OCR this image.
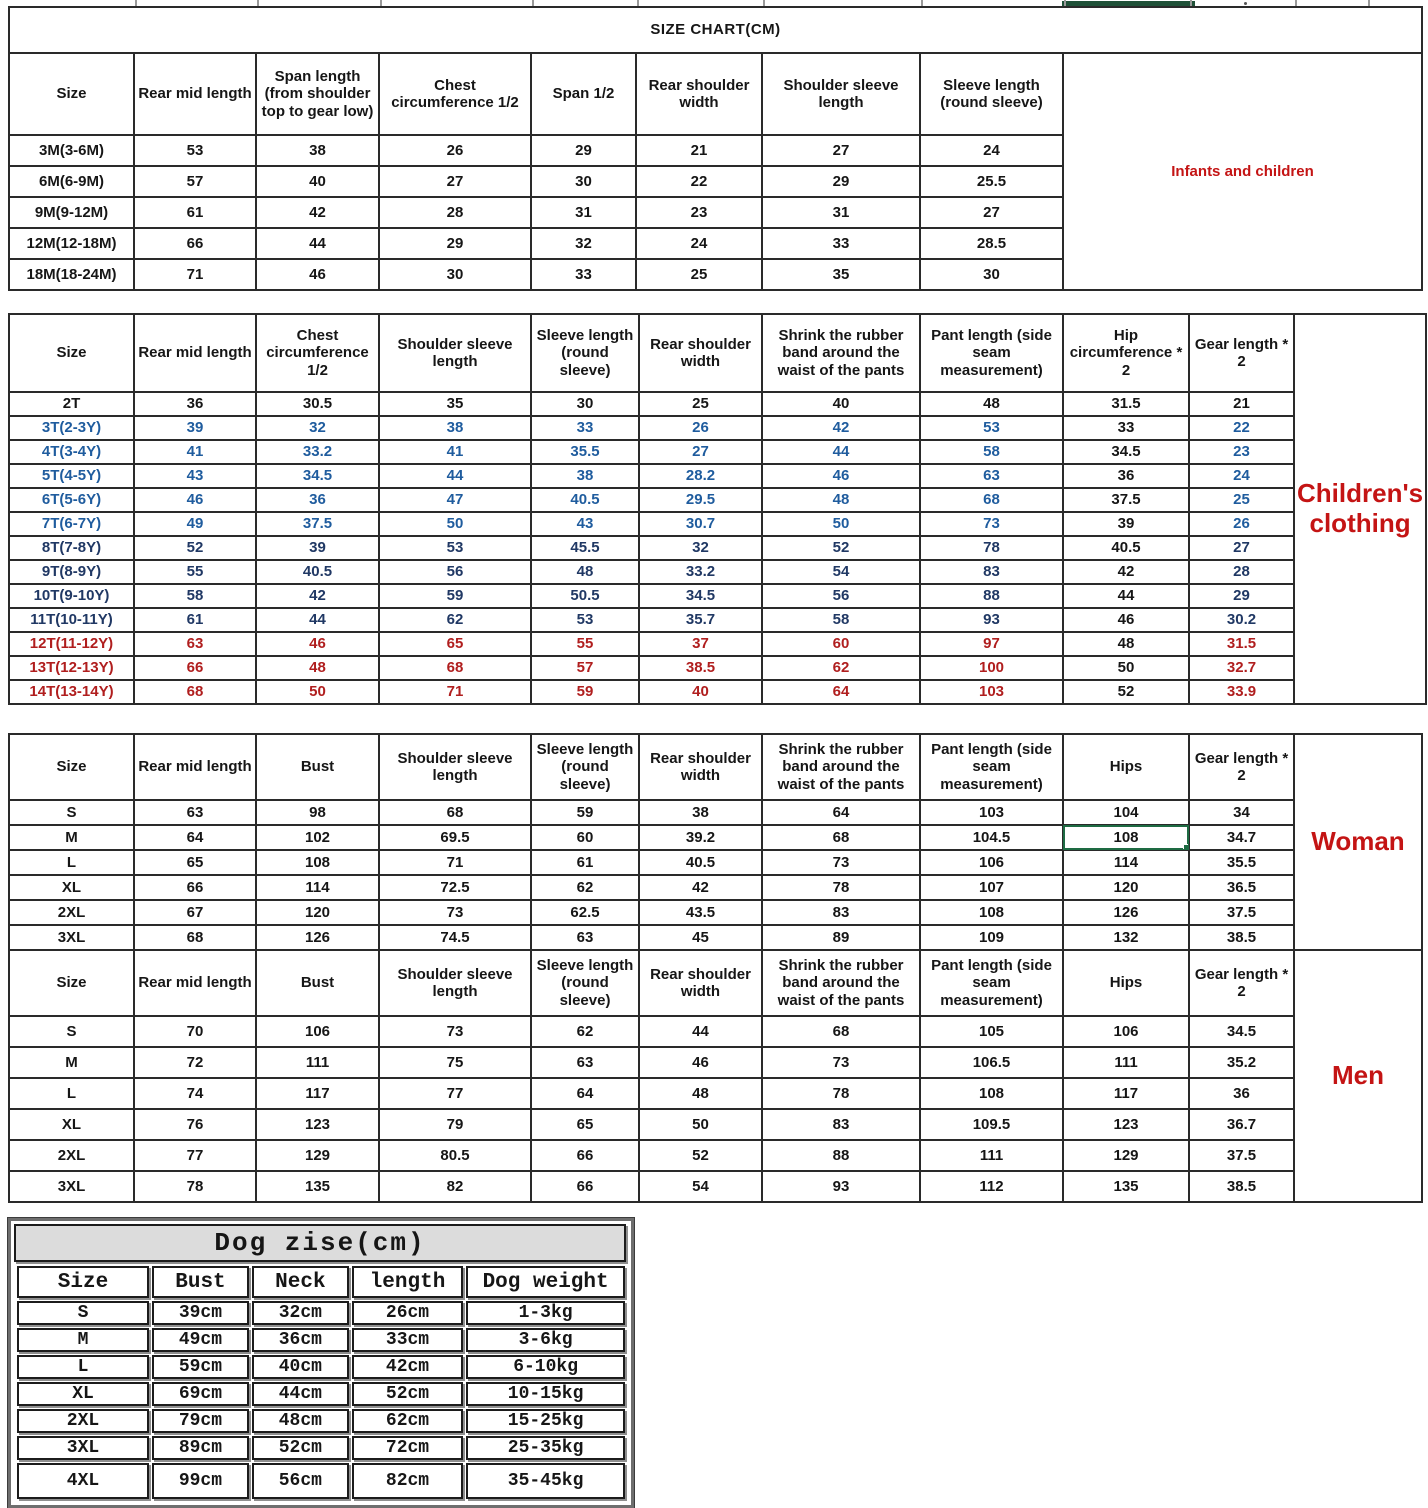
SIZE CHART(CM)								
Size	Rear mid length	Span length (from shoulder top to gear low)	Chest circumference 1/2	Span 1/2	Rear shoulder width	Shoulder sleeve length	Sleeve length (round sleeve)	Infants and children
3M(3-6M)	53	38	26	29	21	27	24	
6M(6-9M)	57	40	27	30	22	29	25.5	
9M(9-12M)	61	42	28	31	23	31	27	
12M(12-18M)	66	44	29	32	24	33	28.5	
18M(18-24M)	71	46	30	33	25	35	30	
Size	Rear mid length	Chest circumference 1/2	Shoulder sleeve length	Sleeve length (round sleeve)	Rear shoulder width	Shrink the rubber band around the waist of the pants	Pant length (side seam measurement)	Hip circumference * 2	Gear length * 2	Children's clothing
2T	36	30.5	35	30	25	40	48	31.5	21	
3T(2-3Y)	39	32	38	33	26	42	53	33	22	
4T(3-4Y)	41	33.2	41	35.5	27	44	58	34.5	23	
5T(4-5Y)	43	34.5	44	38	28.2	46	63	36	24	
6T(5-6Y)	46	36	47	40.5	29.5	48	68	37.5	25	
7T(6-7Y)	49	37.5	50	43	30.7	50	73	39	26	
8T(7-8Y)	52	39	53	45.5	32	52	78	40.5	27	
9T(8-9Y)	55	40.5	56	48	33.2	54	83	42	28	
10T(9-10Y)	58	42	59	50.5	34.5	56	88	44	29	
11T(10-11Y)	61	44	62	53	35.7	58	93	46	30.2	
12T(11-12Y)	63	46	65	55	37	60	97	48	31.5	
13T(12-13Y)	66	48	68	57	38.5	62	100	50	32.7	
14T(13-14Y)	68	50	71	59	40	64	103	52	33.9	
Size	Rear mid length	Bust	Shoulder sleeve length	Sleeve length (round sleeve)	Rear shoulder width	Shrink the rubber band around the waist of the pants	Pant length (side seam measurement)	Hips	Gear length * 2	Woman
S	63	98	68	59	38	64	103	104	34	
M	64	102	69.5	60	39.2	68	104.5	108	34.7	
L	65	108	71	61	40.5	73	106	114	35.5	
XL	66	114	72.5	62	42	78	107	120	36.5	
2XL	67	120	73	62.5	43.5	83	108	126	37.5	
3XL	68	126	74.5	63	45	89	109	132	38.5	
Size	Rear mid length	Bust	Shoulder sleeve length	Sleeve length (round sleeve)	Rear shoulder width	Shrink the rubber band around the waist of the pants	Pant length (side seam measurement)	Hips	Gear length * 2	Men
S	70	106	73	62	44	68	105	106	34.5	
M	72	111	75	63	46	73	106.5	111	35.2	
L	74	117	77	64	48	78	108	117	36	
XL	76	123	79	65	50	83	109.5	123	36.7	
2XL	77	129	80.5	66	52	88	111	129	37.5	
3XL	78	135	82	66	54	93	112	135	38.5	
Dog zise(cm)
Size	Bust	Neck	length	Dog weight
S	39cm	32cm	26cm	1-3kg
M	49cm	36cm	33cm	3-6kg
L	59cm	40cm	42cm	6-10kg
XL	69cm	44cm	52cm	10-15kg
2XL	79cm	48cm	62cm	15-25kg
3XL	89cm	52cm	72cm	25-35kg
4XL	99cm	56cm	82cm	35-45kg
